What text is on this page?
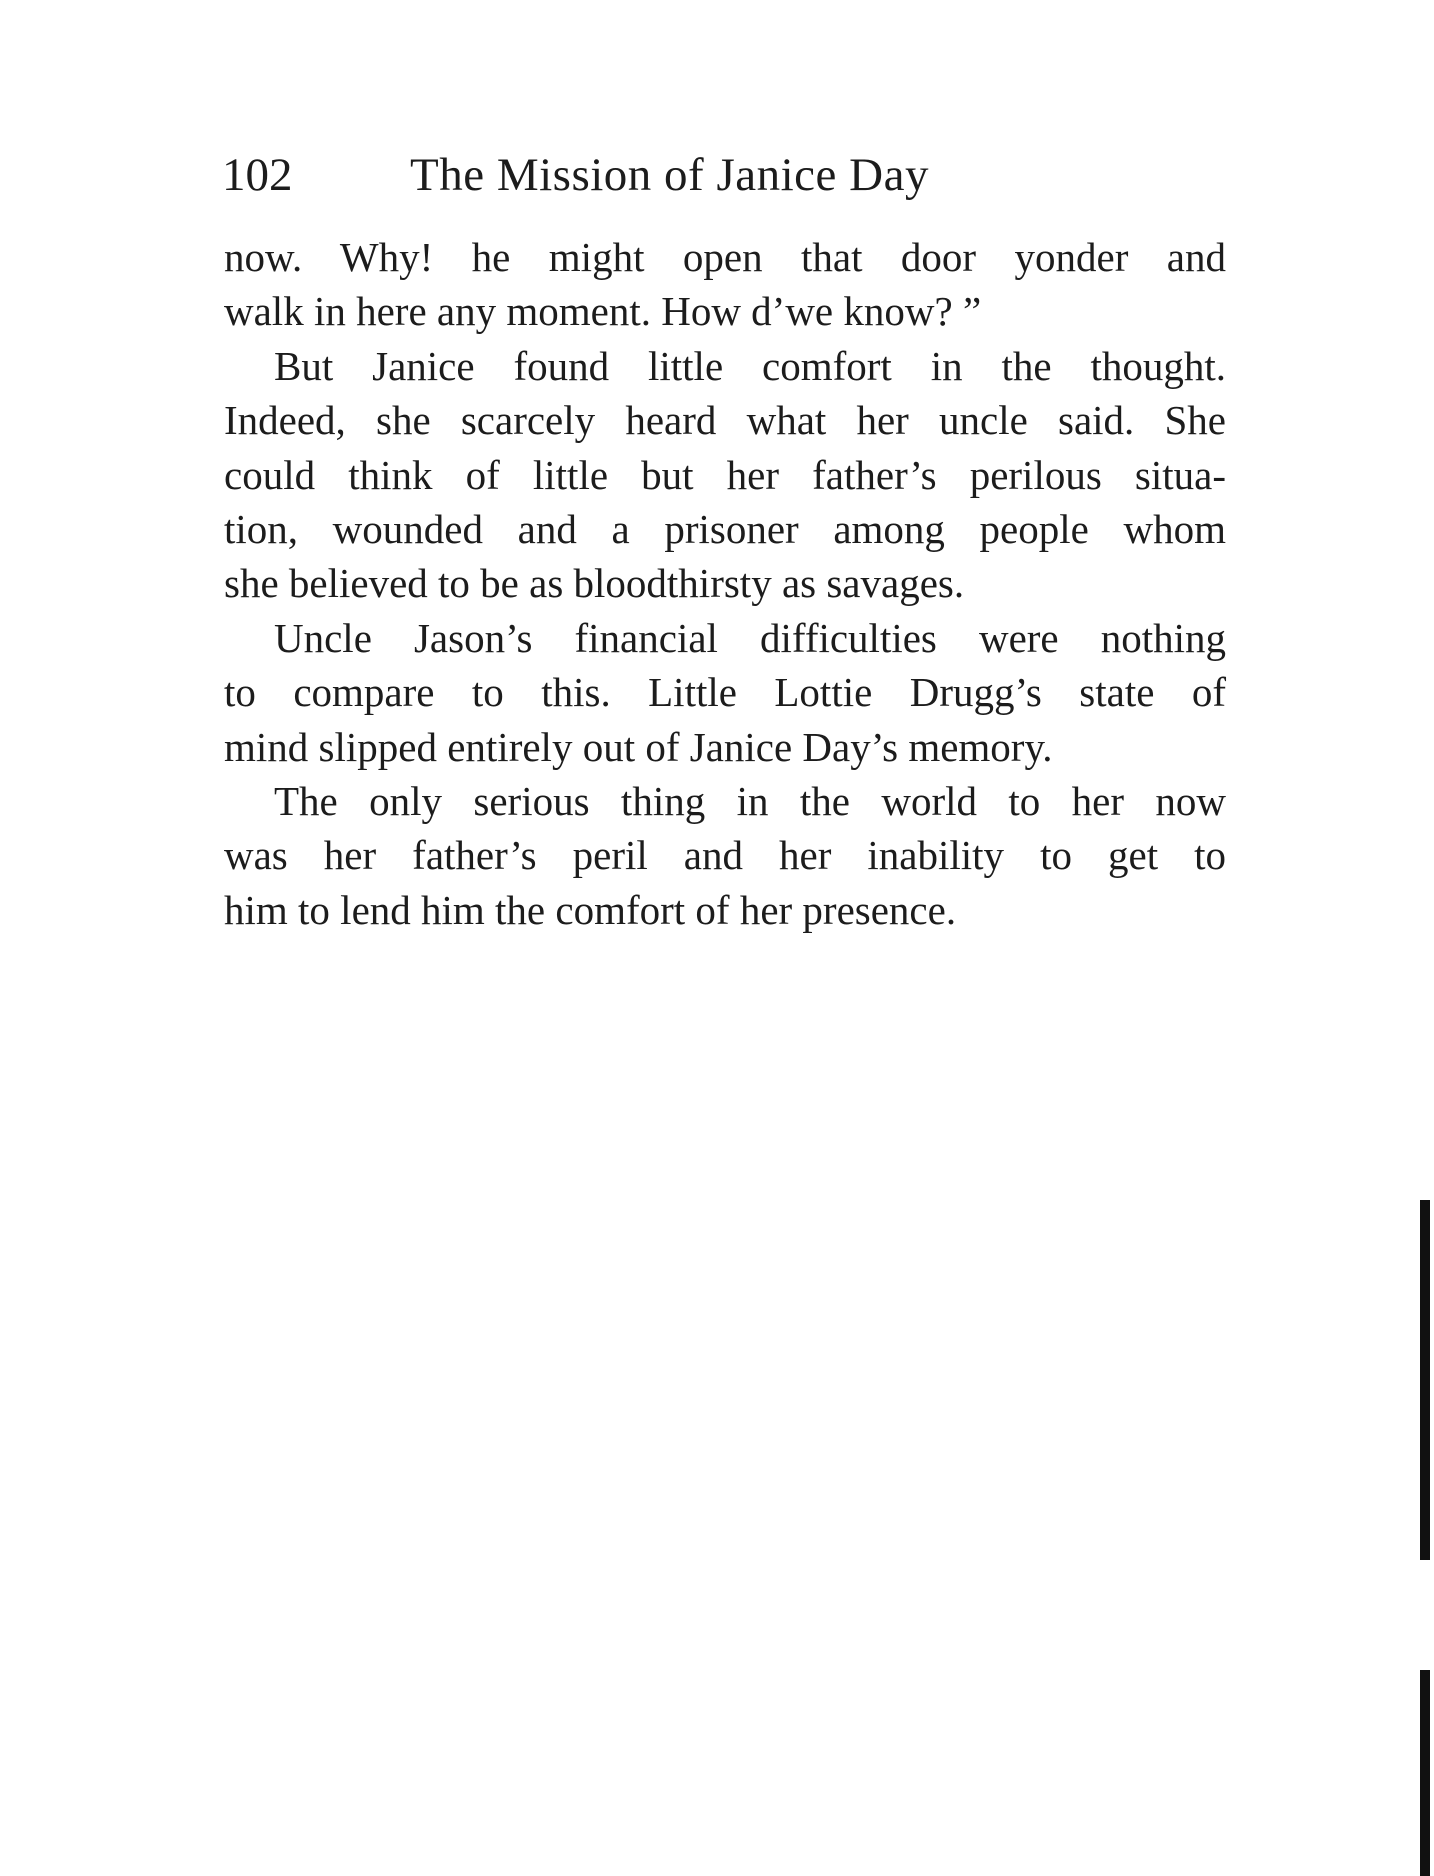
102	The Mission of Janice Day
now. Why! he might open that door yonder and
walk in here any moment. How d’we know? ”
But Janice found little comfort in the thought.
Indeed, she scarcely heard what her uncle said. She
could think of little but her father’s perilous situa-
tion, wounded and a prisoner among people whom
she believed to be as bloodthirsty as savages.
Uncle Jason’s financial difficulties were nothing
to compare to this. Little Lottie Drugg’s state of
mind slipped entirely out of Janice Day’s memory.
The only serious thing in the world to her now
was her father’s peril and her inability to get to
him to lend him the comfort of her presence.
